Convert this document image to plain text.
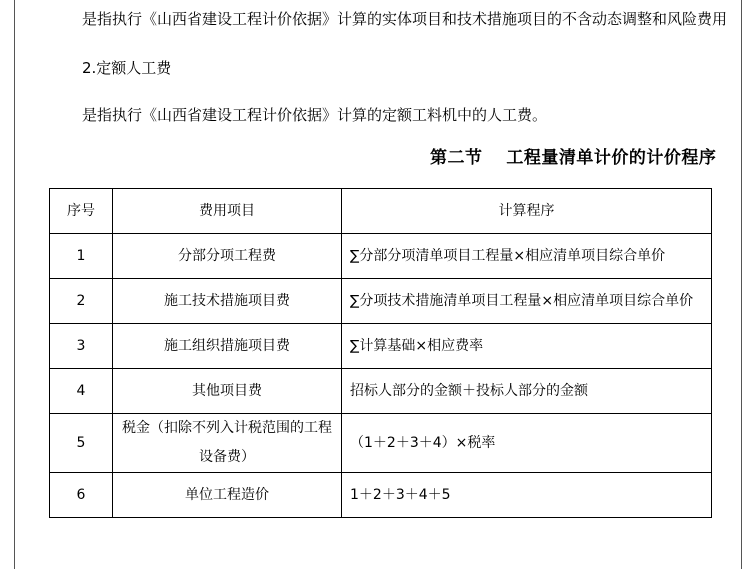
是指执行《山西省建设工程计价依据》计算的实体项目和技术措施项目的不含动态调整和风险费用
2.定额人工费
是指执行《山西省建设工程计价依据》计算的定额工料机中的人工费。
第二节　 工程量清单计价的计价程序
序号	费用项目	计算程序
1	分部分项工程费	∑分部分项清单项目工程量×相应清单项目综合单价
2	施工技术措施项目费	∑分项技术措施清单项目工程量×相应清单项目综合单价
3	施工组织措施项目费	∑计算基础×相应费率
4	其他项目费	招标人部分的金额＋投标人部分的金额
5	税金（扣除不列入计税范围的工程设备费）	（1＋2＋3＋4）×税率
6	单位工程造价	1＋2＋3＋4＋5
